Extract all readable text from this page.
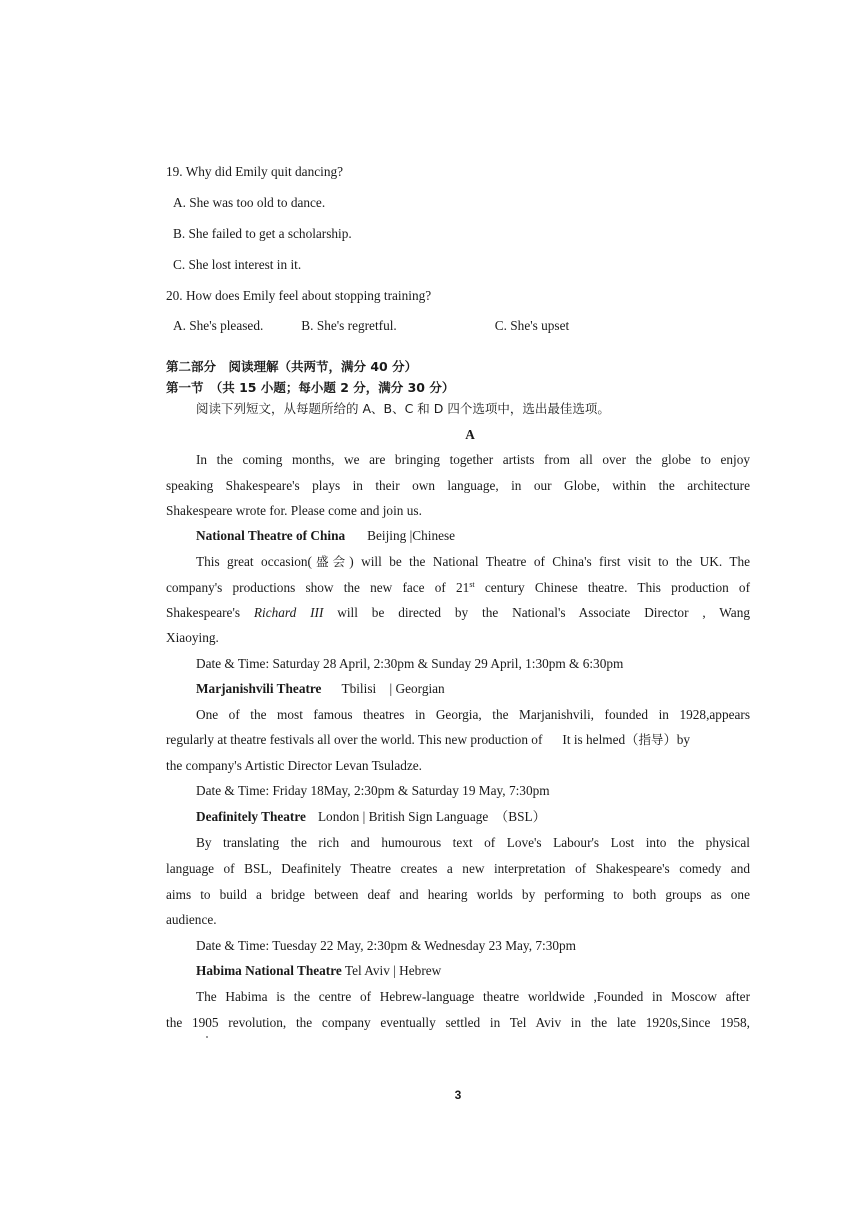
19. Why did Emily quit dancing?
A. She was too old to dance.
B. She failed to get a scholarship.
C. She lost interest in it.
20. How does Emily feel about stopping training?
A. She's pleased.	B. She's regretful.	C. She's upset
第二部分　阅读理解（共两节，满分 40 分）
第一节　（共 15 小题；每小题 2 分，满分 30 分）
阅读下列短文，从每题所给的 A、B、C 和 D 四个选项中，选出最佳选项。
A
In the coming months, we are bringing together artists from all over the globe to enjoy
speaking Shakespeare's plays in their own language, in our Globe, within the architecture
Shakespeare wrote for. Please come and join us.
National Theatre of China Beijing |Chinese
This great occasion(盛会) will be the National Theatre of China's first visit to the UK. The
company's productions show the new face of 21st century Chinese theatre. This production of
Shakespeare's Richard III will be directed by the National's Associate Director , Wang
Xiaoying.
Date & Time: Saturday 28 April, 2:30pm & Sunday 29 April, 1:30pm & 6:30pm
Marjanishvili Theatre Tbilisi　| Georgian
One of the most famous theatres in Georgia, the Marjanishvili, founded in 1928,appears
regularly at theatre festivals all over the world. This new production of It is helmed（指导）by
the company's Artistic Director Levan Tsuladze.
Date & Time: Friday 18May, 2:30pm & Saturday 19 May, 7:30pm
Deafinitely Theatre London | British Sign Language　（BSL）
By translating the rich and humourous text of Love's Labour's Lost into the physical
language of BSL, Deafinitely Theatre creates a new interpretation of Shakespeare's comedy and
aims to build a bridge between deaf and hearing worlds by performing to both groups as one
audience.
Date & Time: Tuesday 22 May, 2:30pm & Wednesday 23 May, 7:30pm
Habima National Theatre Tel Aviv | Hebrew
The Habima is the centre of Hebrew-language theatre worldwide ,Founded in Moscow after
the 1905 revolution, the company eventually settled in Tel Aviv in the late 1920s,Since 1958,
3
